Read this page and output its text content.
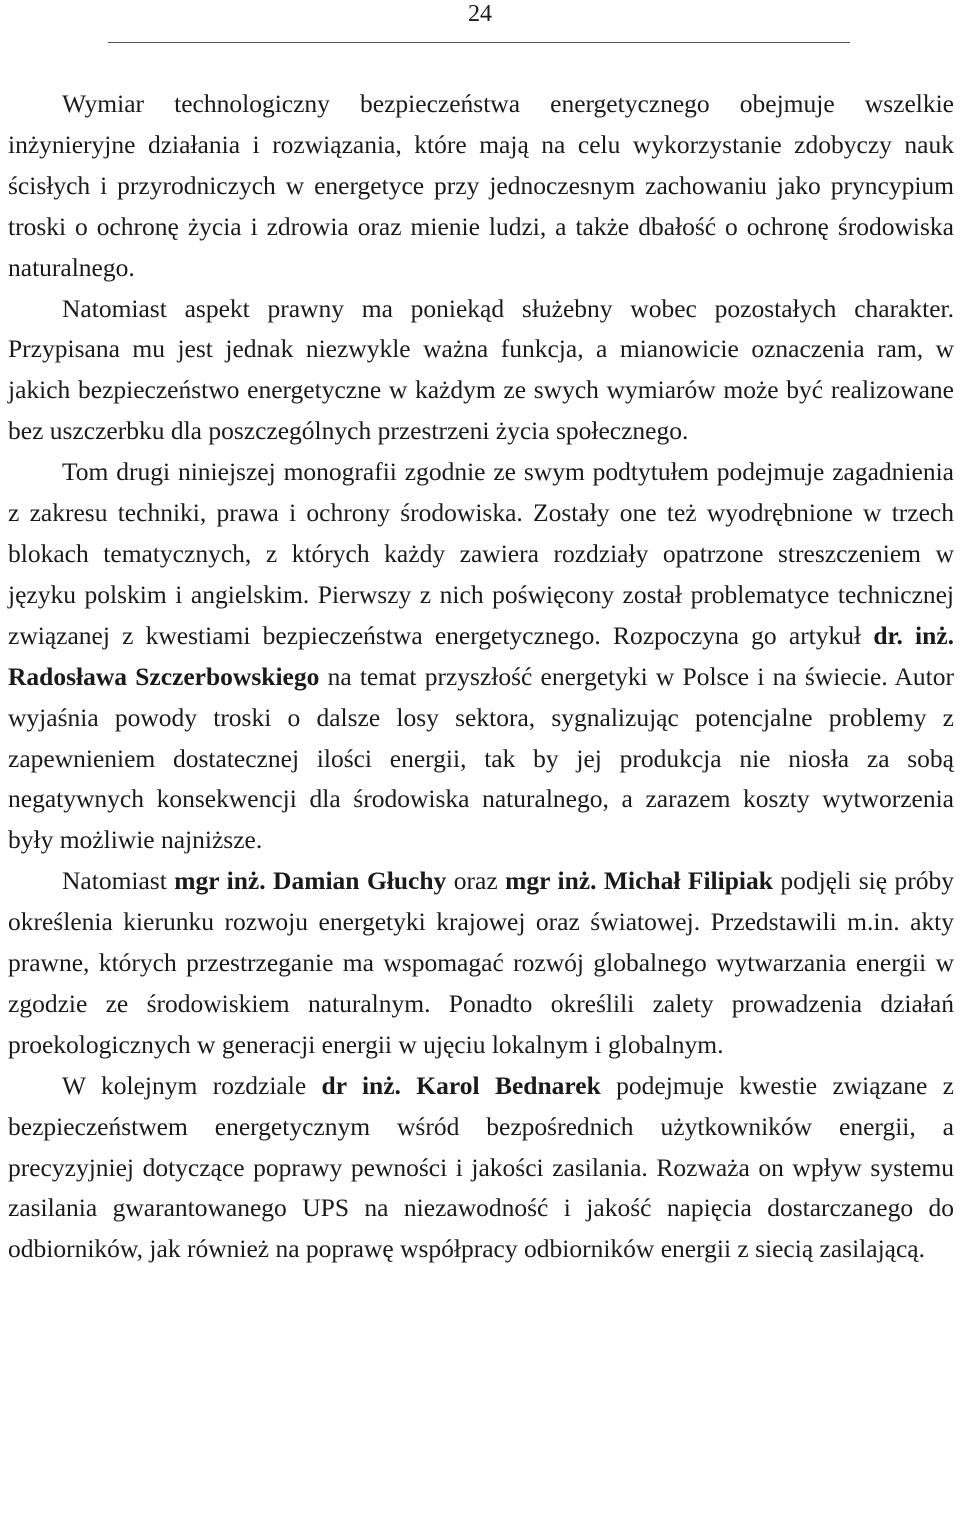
24

Wymiar technologiczny bezpieczeństwa energetycznego obejmuje wszelkie inżynieryjne działania i rozwiązania, które mają na celu wykorzystanie zdobyczy nauk ścisłych i przyrodniczych w energetyce przy jednoczesnym zachowaniu jako pryncypium troski o ochronę życia i zdrowia oraz mienie ludzi, a także dbałość o ochronę środowiska naturalnego.

Natomiast aspekt prawny ma poniekąd służebny wobec pozostałych charakter. Przypisana mu jest jednak niezwykle ważna funkcja, a mianowicie oznaczenia ram, w jakich bezpieczeństwo energetyczne w każdym ze swych wymiarów może być realizowane bez uszczerbku dla poszczególnych przestrzeni życia społecznego.

Tom drugi niniejszej monografii zgodnie ze swym podtytułem podejmuje zagadnienia z zakresu techniki, prawa i ochrony środowiska. Zostały one też wyodrębnione w trzech blokach tematycznych, z których każdy zawiera rozdziały opatrzone streszczeniem w języku polskim i angielskim. Pierwszy z nich poświęcony został problematyce technicznej związanej z kwestiami bezpieczeństwa energetycznego. Rozpoczyna go artykuł dr. inż. Radosława Szczerbowskiego na temat przyszłość energetyki w Polsce i na świecie. Autor wyjaśnia powody troski o dalsze losy sektora, sygnalizując potencjalne problemy z zapewnieniem dostatecznej ilości energii, tak by jej produkcja nie niosła za sobą negatywnych konsekwencji dla środowiska naturalnego, a zarazem koszty wytworzenia były możliwie najniższe.

Natomiast mgr inż. Damian Głuchy oraz mgr inż. Michał Filipiak podjęli się próby określenia kierunku rozwoju energetyki krajowej oraz światowej. Przedstawili m.in. akty prawne, których przestrzeganie ma wspomagać rozwój globalnego wytwarzania energii w zgodzie ze środowiskiem naturalnym. Ponadto określili zalety prowadzenia działań proekologicznych w generacji energii w ujęciu lokalnym i globalnym.

W kolejnym rozdziale dr inż. Karol Bednarek podejmuje kwestie związane z bezpieczeństwem energetycznym wśród bezpośrednich użytkowników energii, a precyzyjniej dotyczące poprawy pewności i jakości zasilania. Rozważa on wpływ systemu zasilania gwarantowanego UPS na niezawodność i jakość napięcia dostarczanego do odbiorników, jak również na poprawę współpracy odbiorników energii z siecią zasilającą.
